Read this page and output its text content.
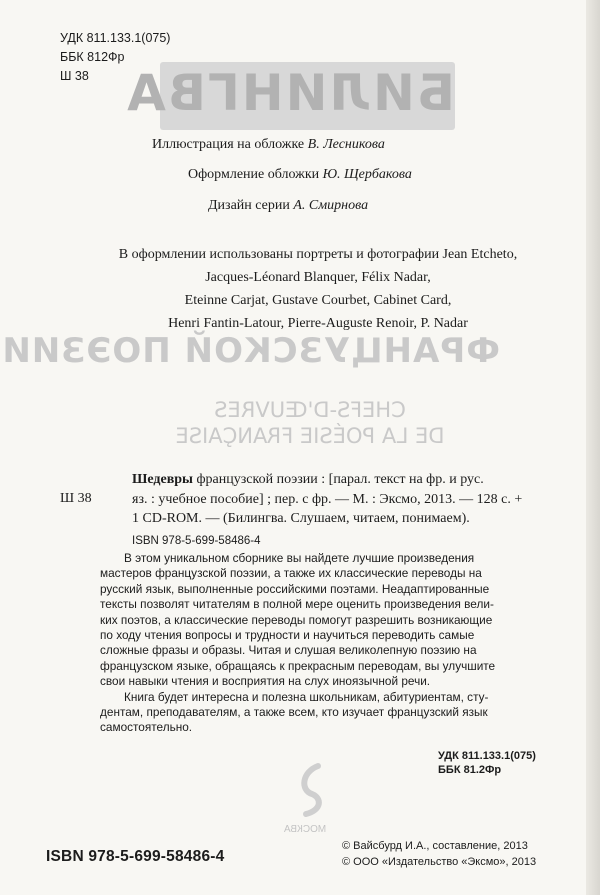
БИЛИНГВА
ФРАНЦУЗСКОЙ ПОЭЗИИ
CHEFS-D'ŒUVRES
DE LA POÉSIE FRANÇAISE
УДК 811.133.1(075)
ББК 812Фр
Ш 38
Иллюстрация на обложке В. Лесникова
Оформление обложки Ю. Щербакова
Дизайн серии А. Смирнова
В оформлении использованы портреты и фотографии Jean Etcheto,
Jacques-Léonard Blanquer, Félix Nadar,
Eteinne Carjat, Gustave Courbet, Cabinet Card,
Henri Fantin-Latour, Pierre-Auguste Renoir, P. Nadar
Ш 38
Шедевры французской поэзии : [парал. текст на фр. и рус.
яз. : учебное пособие] ; пер. с фр. — М. : Эксмо, 2013. — 128 с. +
1 CD-ROM. — (Билингва. Слушаем, читаем, понимаем).
ISBN 978-5-699-58486-4
В этом уникальном сборнике вы найдете лучшие произведения
мастеров французской поэзии, а также их классические переводы на
русский язык, выполненные российскими поэтами. Неадаптированные
тексты позволят читателям в полной мере оценить произведения вели-
ких поэтов, а классические переводы помогут разрешить возникающие
по ходу чтения вопросы и трудности и научиться переводить самые
сложные фразы и образы. Читая и слушая великолепную поэзию на
французском языке, обращаясь к прекрасным переводам, вы улучшите
свои навыки чтения и восприятия на слух иноязычной речи.
Книга будет интересна и полезна школьникам, абитуриентам, сту-
дентам, преподавателям, а также всем, кто изучает французский язык
самостоятельно.
УДК 811.133.1(075)
ББК 81.2Фр
МОСКВА
ISBN 978-5-699-58486-4
© Вайсбурд И.А., составление, 2013
© ООО «Издательство «Эксмо», 2013
